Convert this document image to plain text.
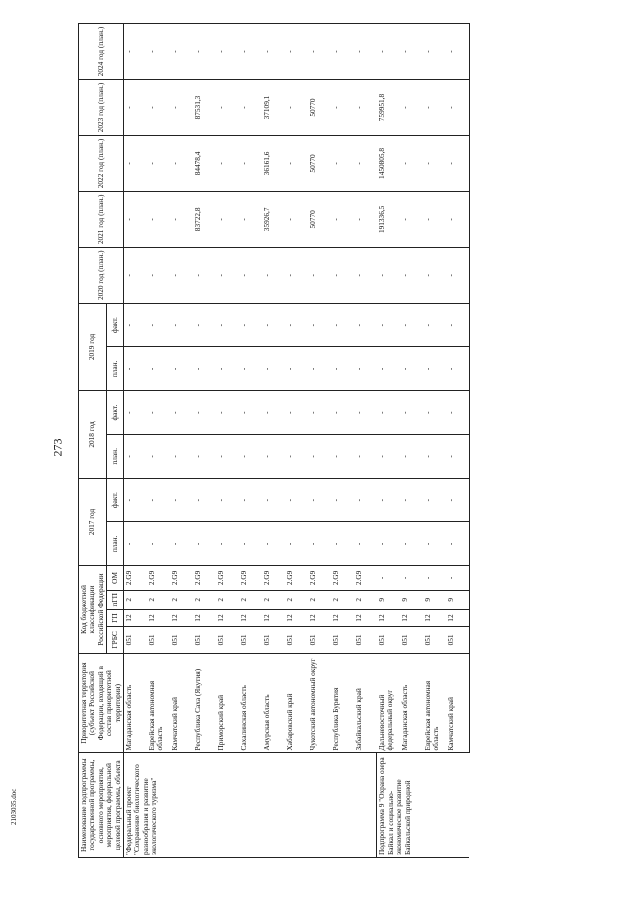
273
2103035.doc	Наименование подпрограммы государственной программы, основного мероприятия, мероприятия, федеральной целевой программы, объекта	Приоритетная территория (субъект Российской Федерации, входящий в состав приоритетной территории)	Код бюджетной классификации Российской Федерации				2017 год		2018 год		2019 год		2020 год (план.)	2021 год (план.)	2022 год (план.)	2023 год (план.)	2024 год (план.)
		ГРБС	ГП	пГП	ОМ	план.	факт.	план.	факт.	план.	факт.					

"Федеральный проект "Сохранение биологического разнообразия и развитие экологического туризма"	Магаданская область	051	12	2	2.G9	-	-	-	-	-	-	-	-	-	-	-
	Еврейская автономная область	051	12	2	2.G9	-	-	-	-	-	-	-	-	-	-	-
	Камчатский край	051	12	2	2.G9	-	-	-	-	-	-	-	-	-	-	-
	Республика Саха (Якутия)	051	12	2	2.G9	-	-	-	-	-	-	-	83722,8	84478,4	87531,3	-
	Приморский край	051	12	2	2.G9	-	-	-	-	-	-	-	-	-	-	-
	Сахалинская область	051	12	2	2.G9	-	-	-	-	-	-	-	-	-	-	-
	Амурская область	051	12	2	2.G9	-	-	-	-	-	-	-	35926,7	36161,6	37109,1	-
	Хабаровский край	051	12	2	2.G9	-	-	-	-	-	-	-	-	-	-	-
	Чукотский автономный округ	051	12	2	2.G9	-	-	-	-	-	-	-	50770	50770	50770	-
	Республика Бурятия	051	12	2	2.G9	-	-	-	-	-	-	-	-	-	-	-
	Забайкальский край	051	12	2	2.G9	-	-	-	-	-	-	-	-	-	-	-
Подпрограмма 9 "Охрана озера Байкал и социально-экономическое развитие Байкальской природной	Дальневосточный федеральный округ	051	12	9	-	-	-	-	-	-	-	-	191336,5	1450805,8	759951,8	-
	Магаданская область	051	12	9	-	-	-	-	-	-	-	-	-	-	-	-
	Еврейская автономная область	051	12	9	-	-	-	-	-	-	-	-	-	-	-	-
	Камчатский край	051	12	9	-	-	-	-	-	-	-	-	-	-	-	-
